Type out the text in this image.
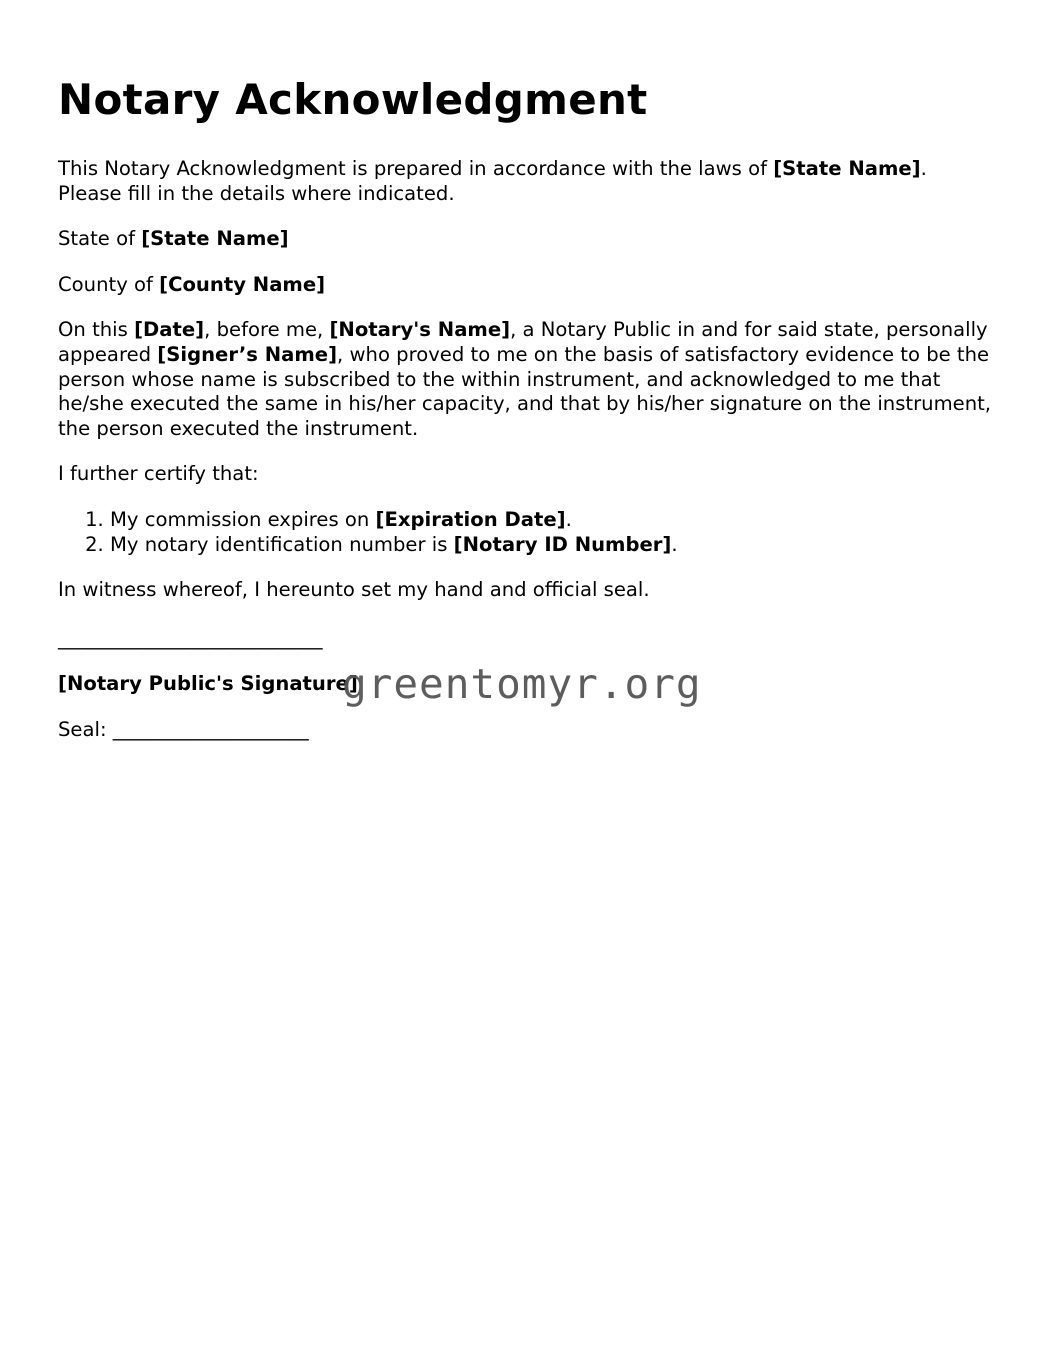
Notary Acknowledgment

This Notary Acknowledgment is prepared in accordance with the laws of [State Name].
Please fill in the details where indicated.

State of [State Name]

County of [County Name]

On this [Date], before me, [Notary's Name], a Notary Public in and for said state, personally appeared [Signer’s Name], who proved to me on the basis of satisfactory evidence to be the person whose name is subscribed to the within instrument, and acknowledged to me that he/she executed the same in his/her capacity, and that by his/her signature on the instrument, the person executed the instrument.

I further certify that:

1. My commission expires on [Expiration Date].
2. My notary identification number is [Notary ID Number].

In witness whereof, I hereunto set my hand and official seal.

___________________________
[Notary Public's Signature]
Seal: ____________________
greentomyr.org
